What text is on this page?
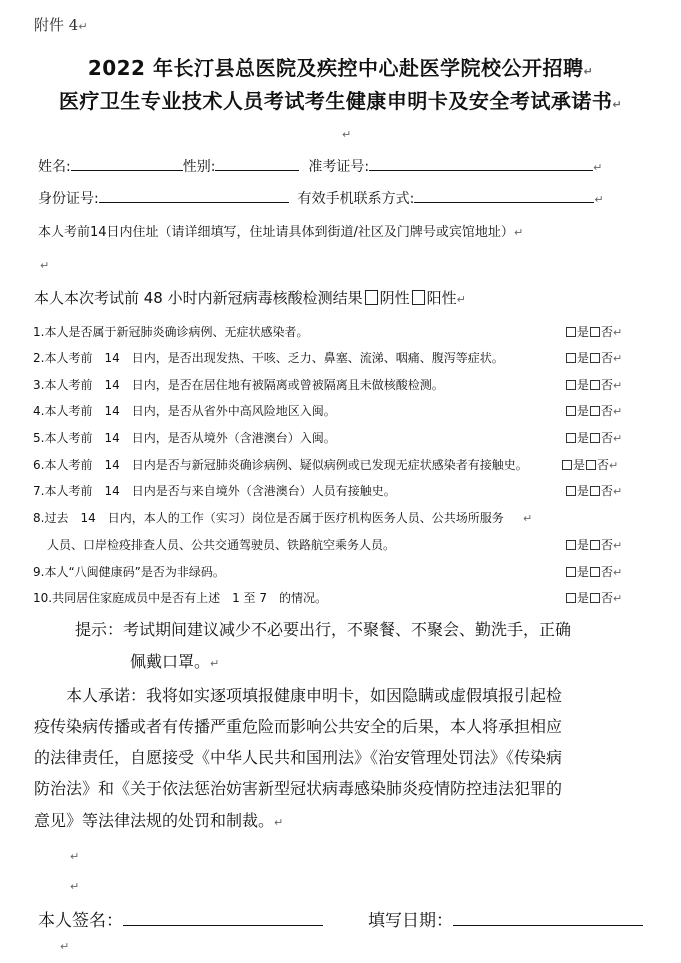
附件 4↵
2022 年长汀县总医院及疾控中心赴医学院校公开招聘↵
医疗卫生专业技术人员考试考生健康申明卡及安全考试承诺书↵
↵
姓名:	性别:	准考证号:	↵
身份证号:	有效手机联系方式:	↵
本人考前14日内住址（请详细填写，住址请具体到街道/社区及门牌号或宾馆地址）↵
↵
本人本次考试前 48 小时内新冠病毒核酸检测结果 阴性 阳性↵
1.本人是否属于新冠肺炎确诊病例、无症状感染者。	是 否↵
2.本人考前　14　日内，是否出现发热、干咳、乏力、鼻塞、流涕、咽痛、腹泻等症状。	是 否↵
3.本人考前　14　日内，是否在居住地有被隔离或曾被隔离且未做核酸检测。	是 否↵
4.本人考前　14　日内，是否从省外中高风险地区入闽。	是 否↵
5.本人考前　14　日内，是否从境外（含港澳台）入闽。	是 否↵
6.本人考前　14　日内是否与新冠肺炎确诊病例、疑似病例或已发现无症状感染者有接触史。	是 否↵
7.本人考前　14　日内是否与来自境外（含港澳台）人员有接触史。	是 否↵
8.过去　14　日内，本人的工作（实习）岗位是否属于医疗机构医务人员、公共场所服务 ↵
人员、口岸检疫排查人员、公共交通驾驶员、铁路航空乘务人员。	是 否↵
9.本人“八闽健康码”是否为非绿码。	是 否↵
10.共同居住家庭成员中是否有上述　1 至 7　的情况。	是 否↵
提示：考试期间建议减少不必要出行，不聚餐、不聚会、勤洗手，正确
佩戴口罩。↵
本人承诺：我将如实逐项填报健康申明卡，如因隐瞒或虚假填报引起检
疫传染病传播或者有传播严重危险而影响公共安全的后果，本人将承担相应
的法律责任，自愿接受《中华人民共和国刑法》《治安管理处罚法》《传染病
防治法》和《关于依法惩治妨害新型冠状病毒感染肺炎疫情防控违法犯罪的
意见》等法律法规的处罚和制裁。↵
↵
↵
本人签名：	填写日期：
↵
